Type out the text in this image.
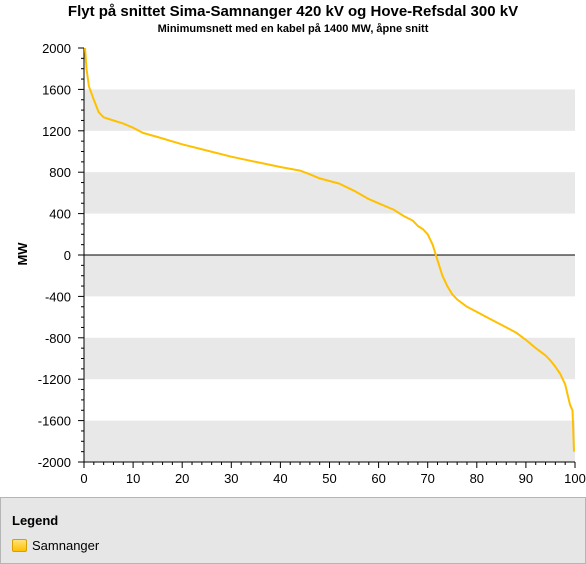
Flyt på snittet Sima-Samnanger 420 kV og Hove-Refsdal 300 kV
Minimumsnett med en kabel på 1400 MW, åpne snitt
2000
1600
1200
800
400
0
-400
-800
-1200
-1600
-2000
0	10	20	30	40	50	60	70	80	90 100
MW
Legend
Samnanger
